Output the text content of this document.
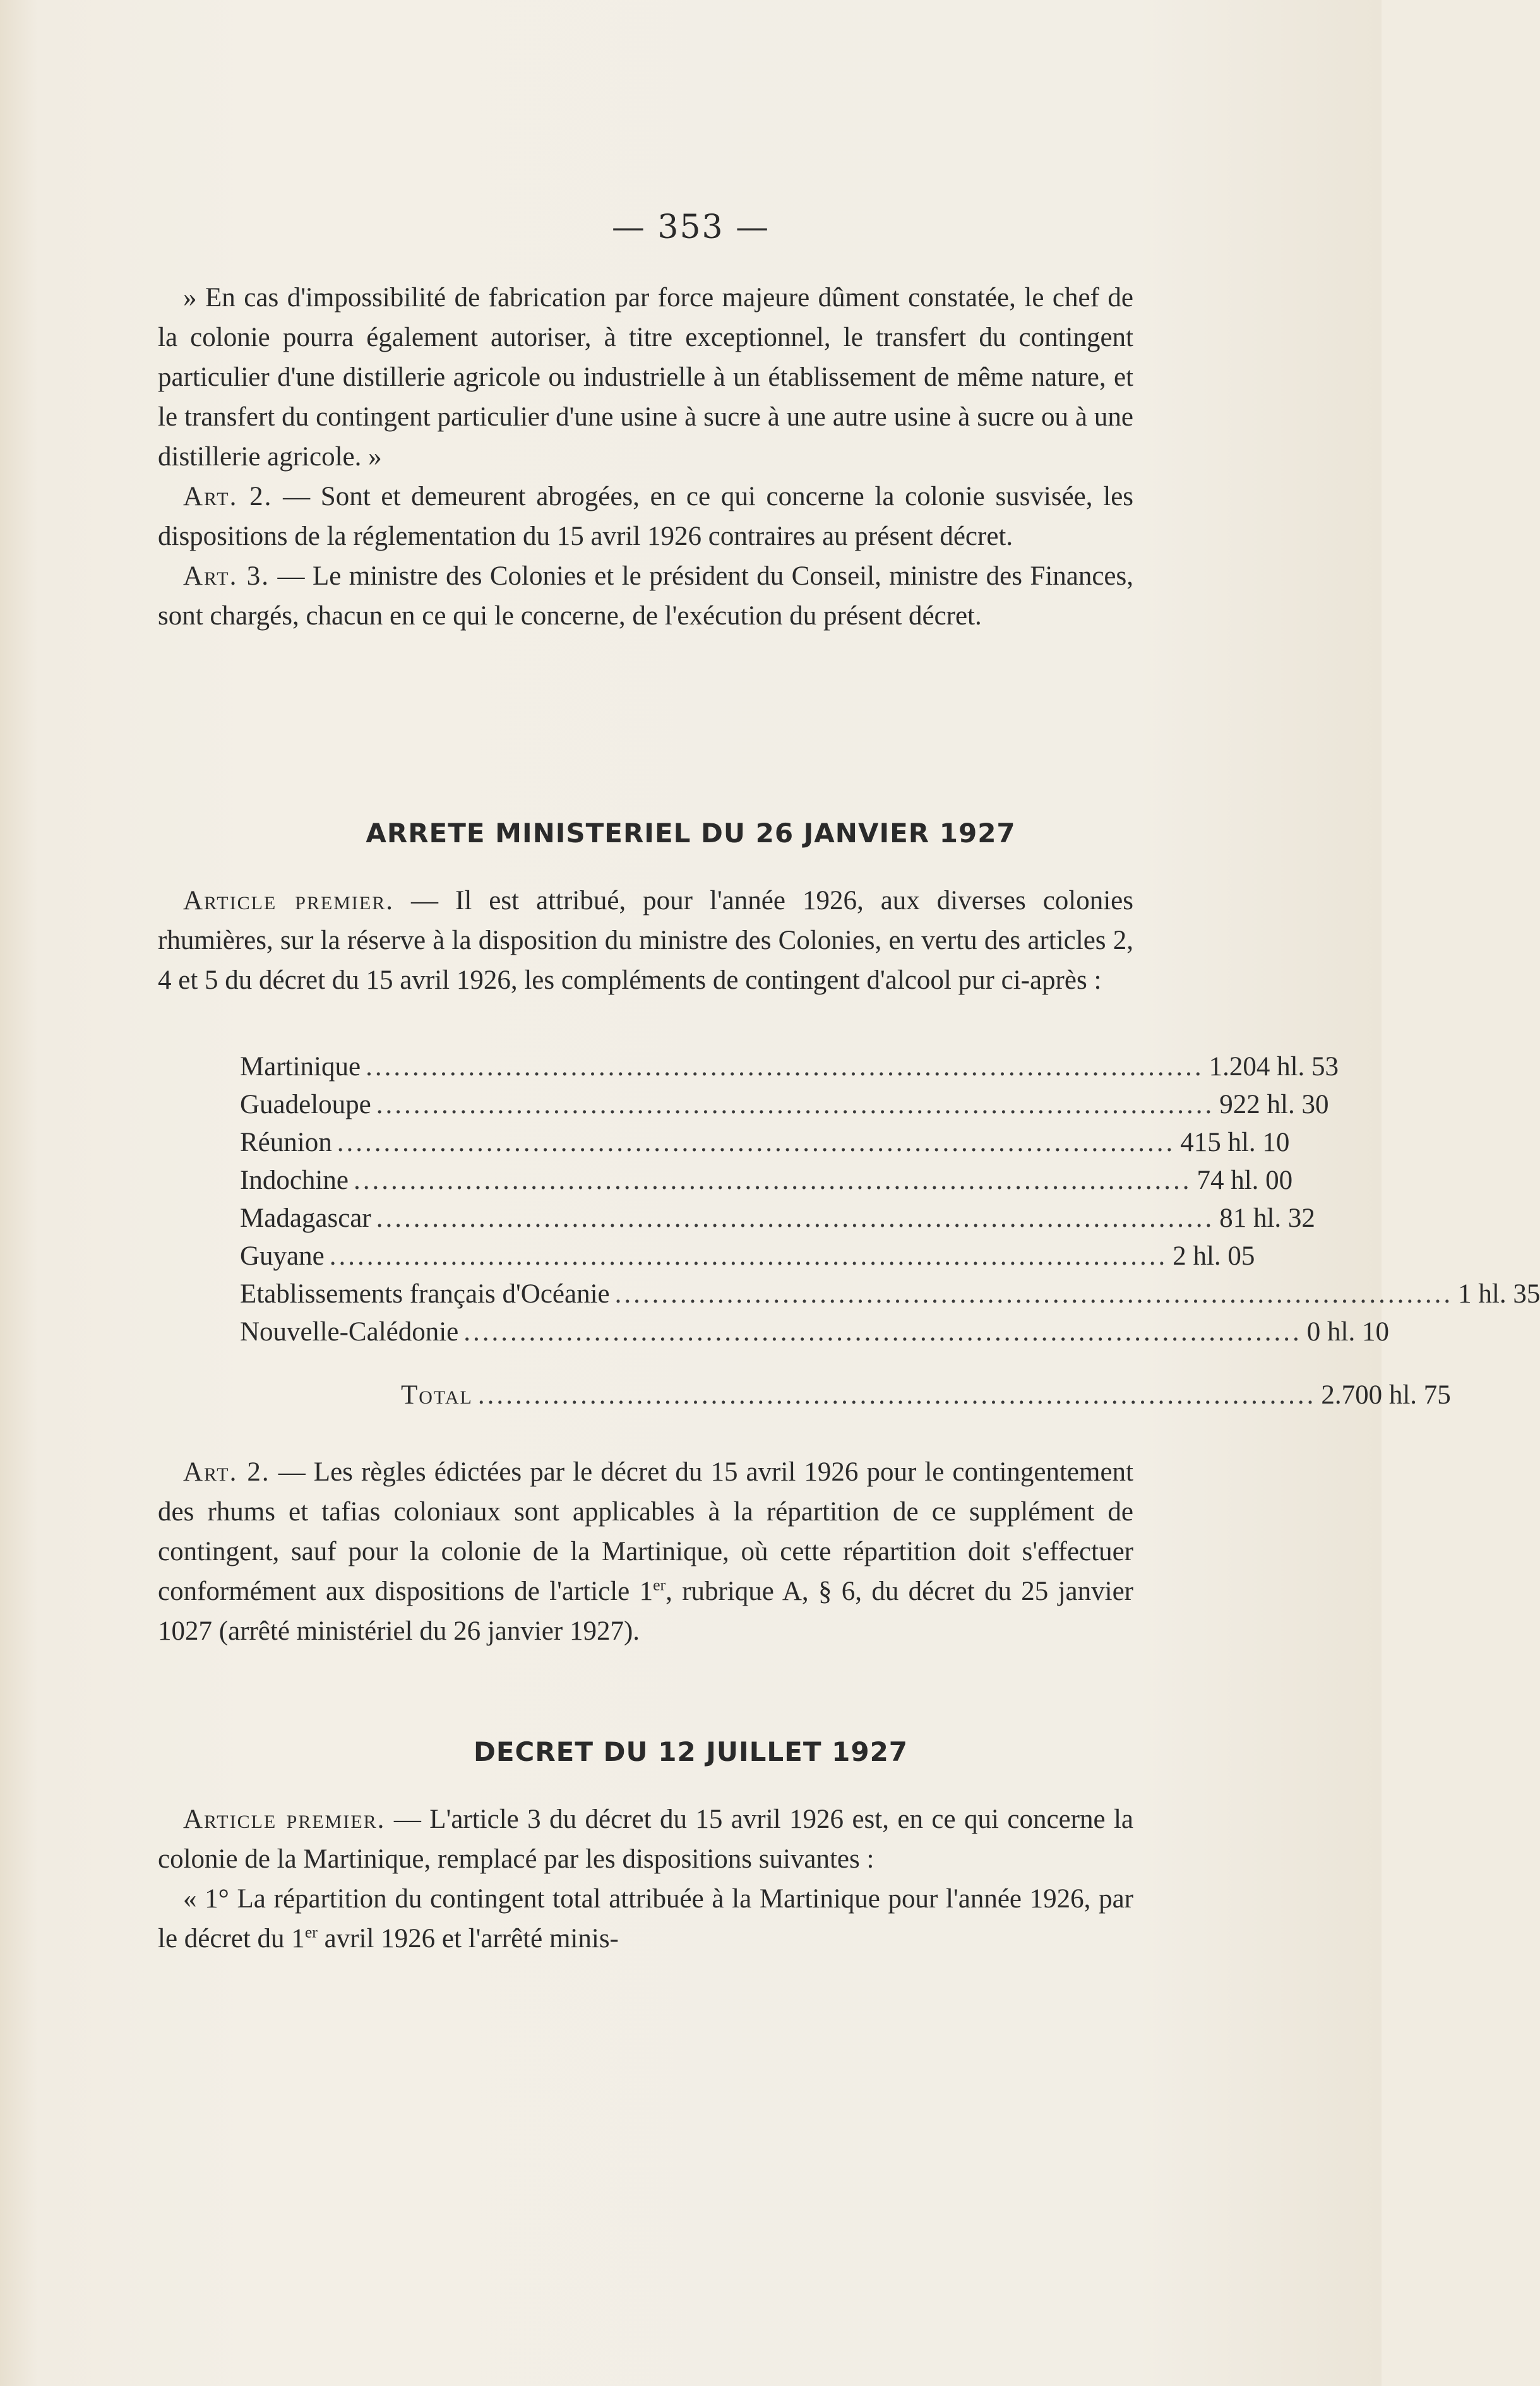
— 353 —

» En cas d'impossibilité de fabrication par force majeure dûment constatée, le chef de la colonie pourra également autoriser, à titre exceptionnel, le transfert du contingent particulier d'une distillerie agricole ou industrielle à un établissement de même nature, et le transfert du contingent particulier d'une usine à sucre à une autre usine à sucre ou à une distillerie agricole. »

Art. 2. — Sont et demeurent abrogées, en ce qui concerne la colonie susvisée, les dispositions de la réglementation du 15 avril 1926 contraires au présent décret.

Art. 3. — Le ministre des Colonies et le président du Conseil, ministre des Finances, sont chargés, chacun en ce qui le concerne, de l'exécution du présent décret.

ARRETE MINISTERIEL DU 26 JANVIER 1927

Article premier. — Il est attribué, pour l'année 1926, aux diverses colonies rhumières, sur la réserve à la disposition du ministre des Colonies, en vertu des articles 2, 4 et 5 du décret du 15 avril 1926, les compléments de contingent d'alcool pur ci-après :

Martinique .......................................................................................... 1.204 hl. 53
Guadeloupe .......................................................................................... 922 hl. 30
Réunion .......................................................................................... 415 hl. 10
Indochine .......................................................................................... 74 hl. 00
Madagascar .......................................................................................... 81 hl. 32
Guyane .......................................................................................... 2 hl. 05
Etablissements français d'Océanie .......................................................................................... 1 hl. 35
Nouvelle-Calédonie .......................................................................................... 0 hl. 10
Total .......................................................................................... 2.700 hl. 75

Art. 2. — Les règles édictées par le décret du 15 avril 1926 pour le contingentement des rhums et tafias coloniaux sont applicables à la répartition de ce supplément de contingent, sauf pour la colonie de la Martinique, où cette répartition doit s'effectuer conformément aux dispositions de l'article 1er, rubrique A, § 6, du décret du 25 janvier 1027 (arrêté ministériel du 26 janvier 1927).

DECRET DU 12 JUILLET 1927

Article premier. — L'article 3 du décret du 15 avril 1926 est, en ce qui concerne la colonie de la Martinique, remplacé par les dispositions suivantes :

« 1° La répartition du contingent total attribuée à la Martinique pour l'année 1926, par le décret du 1er avril 1926 et l'arrêté minis-
